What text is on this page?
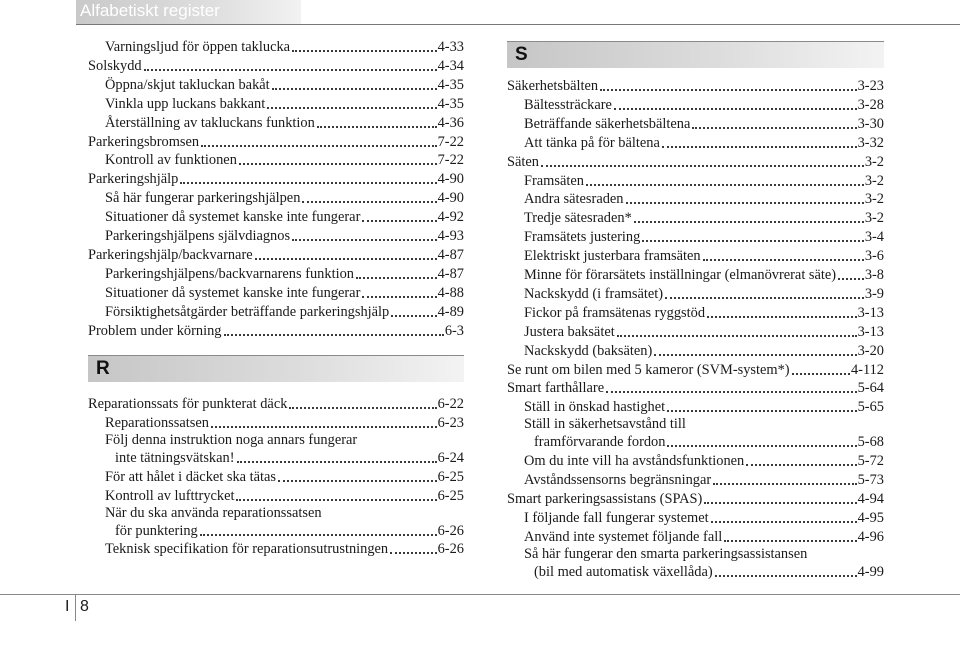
Alfabetiskt register
Varningsljud för öppen takluckа	4-33
Solskydd	4-34
Öppna/skjut takluckan bakåt	4-35
Vinkla upp luckans bakkant	4-35
Återställning av takluckans funktion	4-36
Parkeringsbromsen	7-22
Kontroll av funktionen	7-22
Parkeringshjälp	4-90
Så här fungerar parkeringshjälpen	4-90
Situationer då systemet kanske inte fungerar	4-92
Parkeringshjälpens självdiagnos	4-93
Parkeringshjälp/backvarnare	4-87
Parkeringshjälpens/backvarnarens funktion	4-87
Situationer då systemet kanske inte fungerar	4-88
Försiktighetsåtgärder beträffande parkeringshjälp	4-89
Problem under körning	6-3
R
Reparationssats för punkterat däck	6-22
Reparationssatsen	6-23
Följ denna instruktion noga annars fungerar
inte tätningsvätskan!	6-24
För att hålet i däcket ska tätas	6-25
Kontroll av lufttrycket	6-25
När du ska använda reparationssatsen
för punktering	6-26
Teknisk specifikation för reparationsutrustningen	6-26
S
Säkerhetsbälten	3-23
Bältessträckare	3-28
Beträffande säkerhetsbältena	3-30
Att tänka på för bältena	3-32
Säten	3-2
Framsäten	3-2
Andra sätesraden	3-2
Tredje sätesraden*	3-2
Framsätets justering	3-4
Elektriskt justerbara framsäten	3-6
Minne för förarsätets inställningar (elmanövrerat säte) 3-8
Nackskydd (i framsätet)	3-9
Fickor på framsätenas ryggstöd	3-13
Justera baksätet	3-13
Nackskydd (baksäten)	3-20
Se runt om bilen med 5 kameror (SVM-system*)	4-112
Smart farthållare	5-64
Ställ in önskad hastighet	5-65
Ställ in säkerhetsavstånd till
framförvarande fordon	5-68
Om du inte vill ha avståndsfunktionen	5-72
Avståndssensorns begränsningar	5-73
Smart parkeringsassistans (SPAS)	4-94
I följande fall fungerar systemet	4-95
Använd inte systemet följande fall	4-96
Så här fungerar den smarta parkeringsassistansen
(bil med automatisk växellåda)	4-99
I 8
